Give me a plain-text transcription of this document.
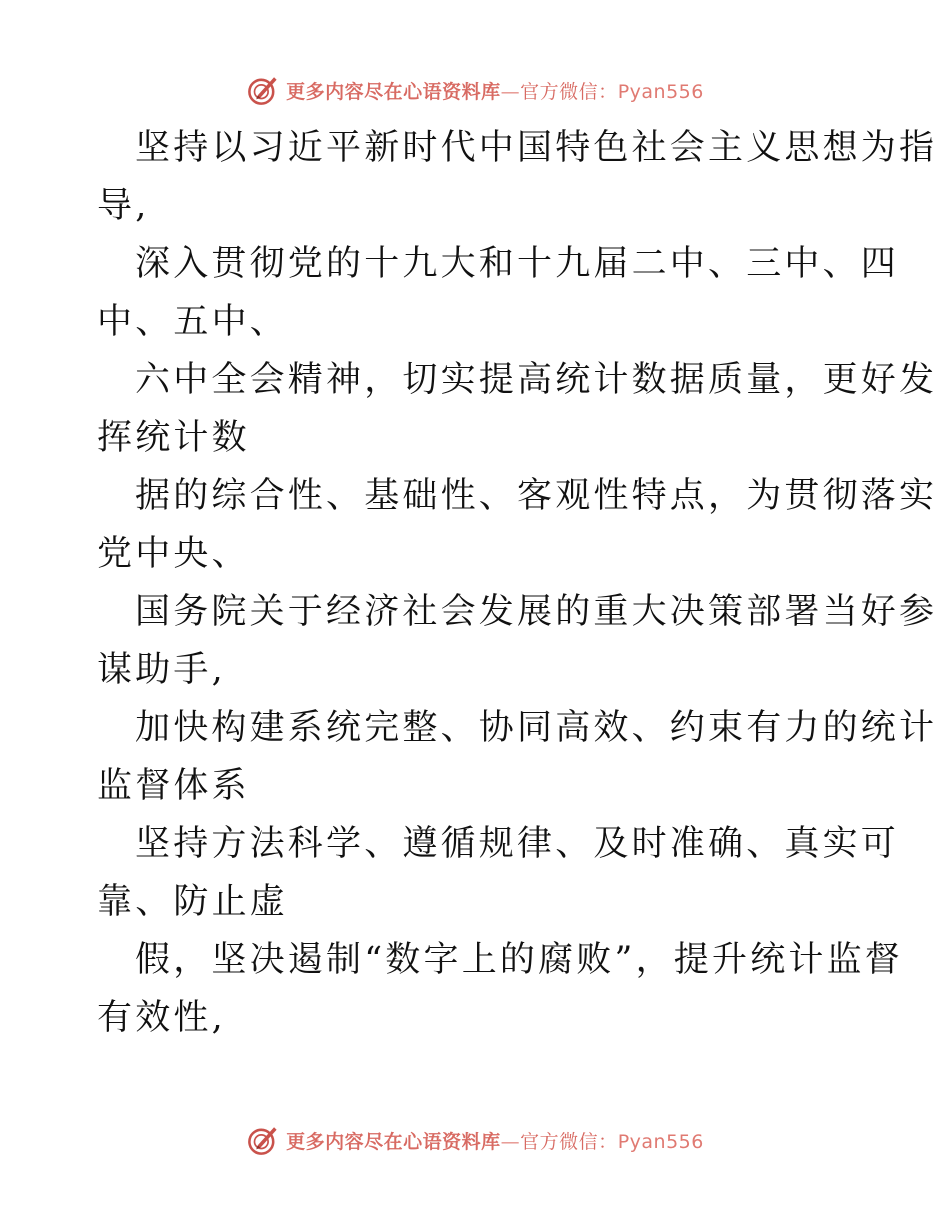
更多内容尽在心语资料库—官方微信：Pyan556
坚持以习近平新时代中国特色社会主义思想为指
导,
深入贯彻党的十九大和十九届二中、三中、四
中、五中、
六中全会精神，切实提高统计数据质量，更好发
挥统计数
据的综合性、基础性、客观性特点，为贯彻落实
党中央、
国务院关于经济社会发展的重大决策部署当好参
谋助手,
加快构建系统完整、协同高效、约束有力的统计
监督体系
坚持方法科学、遵循规律、及时准确、真实可
靠、防止虚
假，坚决遏制“数字上的腐败”，提升统计监督
有效性,
更多内容尽在心语资料库—官方微信：Pyan556
